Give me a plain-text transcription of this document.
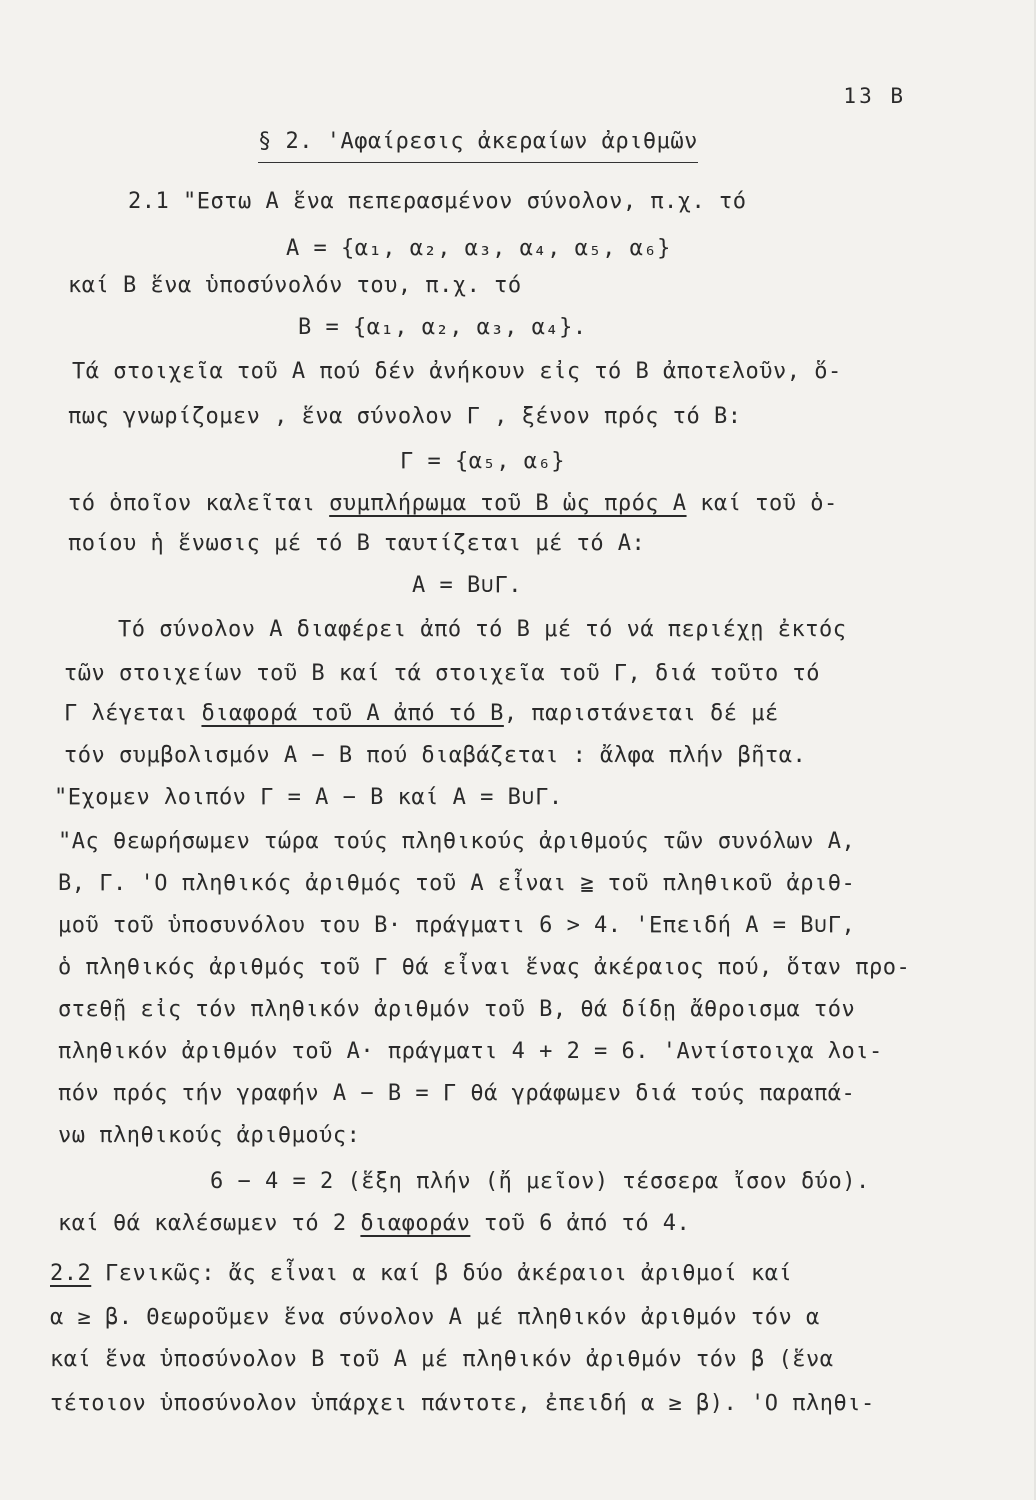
13 B
§ 2. 'Αφαίρεσις ἀκεραίων ἀριθμῶν
2.1 "Εστω A ἕνα πεπερασμένον σύνολον, π.χ. τό
A = {α₁, α₂, α₃, α₄, α₅, α₆}
καί B ἕνα ὑποσύνολόν του, π.χ. τό
B = {α₁, α₂, α₃, α₄}.
Τά στοιχεῖα τοῦ A πού δέν ἀνήκουν εἰς τό B ἀποτελοῦν, ὅ-
πως γνωρίζομεν , ἕνα σύνολον Γ , ξένον πρός τό B:
Γ = {α₅, α₆}
τό ὁποῖον καλεῖται συμπλήρωμα τοῦ B ὡς πρός A καί τοῦ ὁ-
ποίου ἡ ἕνωσις μέ τό B ταυτίζεται μέ τό A:
A = B∪Γ.
Τό σύνολον A διαφέρει ἀπό τό B μέ τό νά περιέχῃ ἐκτός
τῶν στοιχείων τοῦ B καί τά στοιχεῖα τοῦ Γ, διά τοῦτο τό
Γ λέγεται διαφορά τοῦ A ἀπό τό B, παριστάνεται δέ μέ
τόν συμβολισμόν A − B πού διαβάζεται : ἄλφα πλήν βῆτα.
"Εχομεν λοιπόν Γ = A − B καί A = B∪Γ.
"Ας θεωρήσωμεν τώρα τούς πληθικούς ἀριθμούς τῶν συνόλων A,
B, Γ. 'Ο πληθικός ἀριθμός τοῦ A εἶναι ≧ τοῦ πληθικοῦ ἀριθ-
μοῦ τοῦ ὑποσυνόλου του B· πράγματι 6 > 4. 'Επειδή A = B∪Γ,
ὁ πληθικός ἀριθμός τοῦ Γ θά εἶναι ἕνας ἀκέραιος πού, ὅταν προ-
στεθῇ εἰς τόν πληθικόν ἀριθμόν τοῦ B, θά δίδῃ ἄθροισμα τόν
πληθικόν ἀριθμόν τοῦ A· πράγματι 4 + 2 = 6. 'Αντίστοιχα λοι-
πόν πρός τήν γραφήν A − B = Γ θά γράφωμεν διά τούς παραπά-
νω πληθικούς ἀριθμούς:
6 − 4 = 2 (ἕξη πλήν (ἤ μεῖον) τέσσερα ἴσον δύο).
καί θά καλέσωμεν τό 2 διαφοράν τοῦ 6 ἀπό τό 4.
2.2 Γενικῶς: ἄς εἶναι α καί β δύο ἀκέραιοι ἀριθμοί καί
α ≥ β. Θεωροῦμεν ἕνα σύνολον A μέ πληθικόν ἀριθμόν τόν α
καί ἕνα ὑποσύνολον B τοῦ A μέ πληθικόν ἀριθμόν τόν β (ἕνα
τέτοιον ὑποσύνολον ὑπάρχει πάντοτε, ἐπειδή α ≥ β). 'Ο πληθι-
